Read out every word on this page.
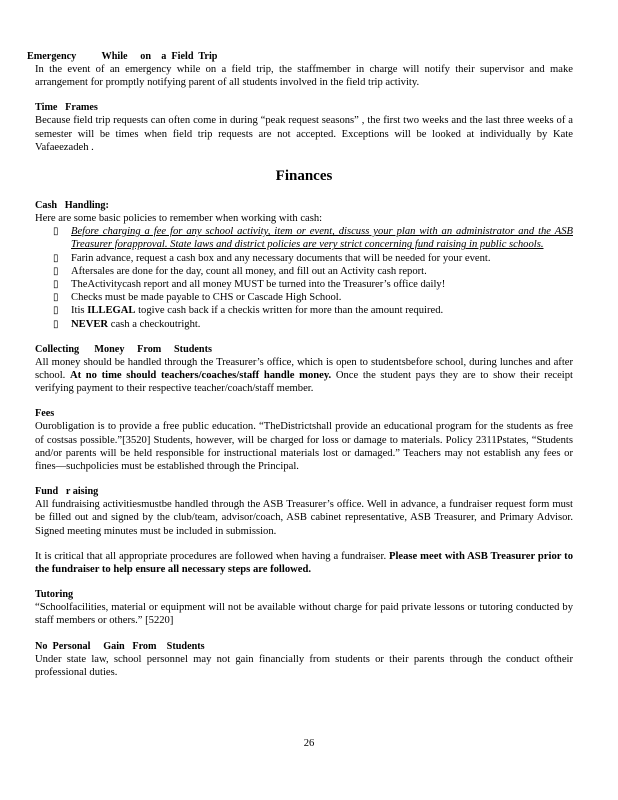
Emergency          While     on    a  Field  Trip

In the event of an emergency while on a field trip, the staffmember in charge will notify their supervisor and make arrangement for promptly notifying parent of all students involved in the field trip activity.

Time   Frames

Because field trip requests can often come in during “peak request seasons” , the first two weeks and the last three weeks of a semester will be times when field trip requests are not accepted. Exceptions will be looked at individually by Kate Vafaeezadeh .

Finances
Cash   Handling:

Here are some basic policies to remember when working with cash:

▯ Before charging a fee for any school activity, item or event, discuss your plan with an administrator and the ASB Treasurer forapproval. State laws and district policies are very strict concerning fund raising in public schools.
▯ Farin advance, request a cash box and any necessary documents that will be needed for your event.
▯ Aftersales are done for the day, count all money, and fill out an Activity cash report.
▯ TheActivitycash report and all money MUST be turned into the Treasurer’s office daily!
▯ Checks must be made payable to CHS or Cascade High School.
▯ Itis ILLEGAL togive cash back if a checkis written for more than the amount required.
▯ NEVER cash a checkoutright.
Collecting      Money     From     Students

All money should be handled through the Treasurer’s office, which is open to studentsbefore school, during lunches and after school. At no time should teachers/coaches/staff handle money. Once the student pays they are to show their receipt verifying payment to their respective teacher/coach/staff member.

Fees

Ourobligation is to provide a free public education. “TheDistrictshall provide an educational program for the students as free of costsas possible.”[3520] Students, however, will be charged for loss or damage to materials. Policy 2311Pstates, “Students and/or parents will be held responsible for instructional materials lost or damaged.” Teachers may not establish any fees or fines—suchpolicies must be established through the Principal.

Fund   r aising

All fundraising activitiesmustbe handled through the ASB Treasurer’s office. Well in advance, a fundraiser request form must be filled out and signed by the club/team, advisor/coach, ASB cabinet representative, ASB Treasurer, and Primary Advisor. Signed meeting minutes must be included in submission.

It is critical that all appropriate procedures are followed when having a fundraiser. Please meet with ASB Treasurer prior to the fundraiser to help ensure all necessary steps are followed.

Tutoring

“Schoolfacilities, material or equipment will not be available without charge for paid private lessons or tutoring conducted by staff members or others.” [5220]

No  Personal     Gain   From    Students

Under state law, school personnel may not gain financially from students or their parents through the conduct oftheir professional duties.

26
